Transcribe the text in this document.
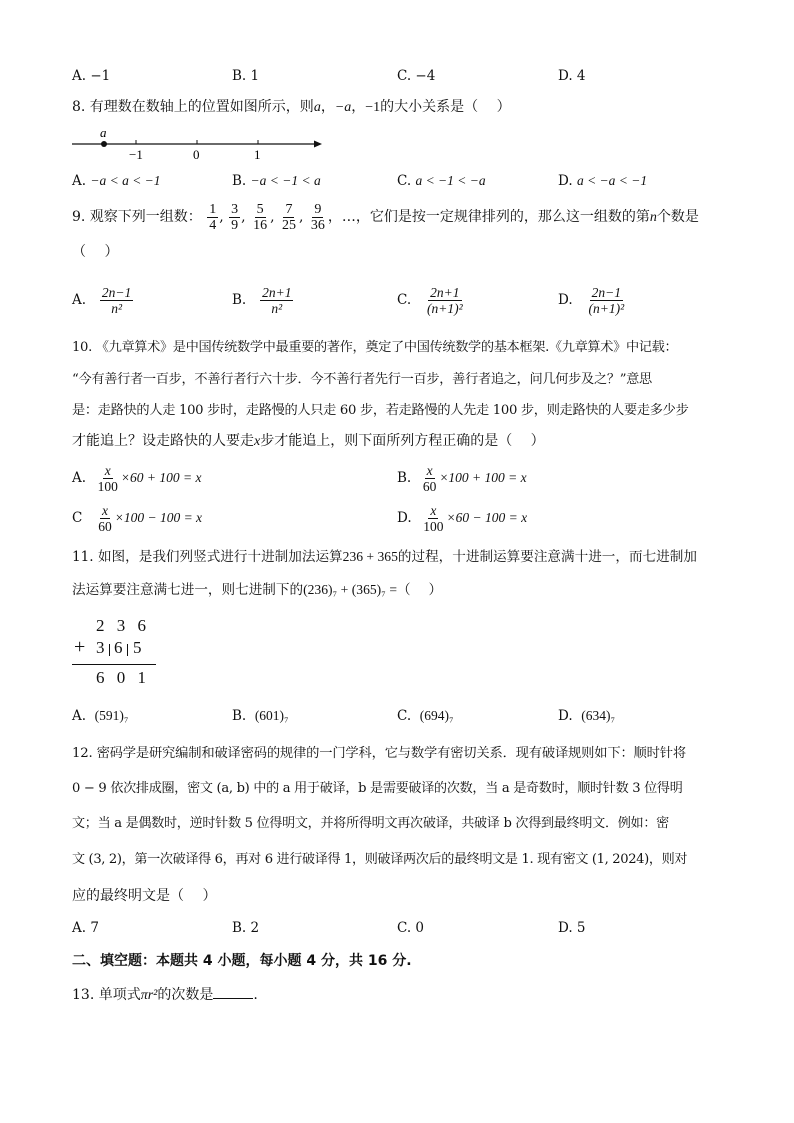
A. −1	B. 1	C. −4	D. 4
8. 有理数在数轴上的位置如图所示，则a，−a，−1的大小关系是（　 ）
a
−1	0	1
A. −a < a < −1	B. −a < −1 < a	C. a < −1 < −a	D. a < −a < −1
9. 观察下列一组数： $\frac{1}{4}$ , $\frac{3}{9}$ , $\frac{5}{16}$ , $\frac{7}{25}$ , $\frac{9}{36}$ ，…，它们是按一定规律排列的，那么这一组数的第n个数是
（　 ）
A. $\frac{2n-1}{\text{n²}}$	B. $\frac{2n+1}{\text{n²}}$	C. $\frac{2n+1}{\text{(n+1)²}}$	D. $\frac{2n-1}{\text{(n+1)²}}$
10. 《九章算术》是中国传统数学中最重要的著作，奠定了中国传统数学的基本框架.《九章算术》中记载：
“今有善行者一百步，不善行者行六十步．今不善行者先行一百步，善行者追之，问几何步及之？”意思
是：走路快的人走 100 步时，走路慢的人只走 60 步，若走路慢的人先走 100 步，则走路快的人要走多少步
才能追上？设走路快的人要走x步才能追上，则下面所列方程正确的是（　 ）
A. $\frac{x}{100} \times 60 + 100 = x$	B. $\frac{x}{60} \times 100 + 100 = x$
C $\frac{x}{60} \times 100 - 100 = x$	D. $\frac{x}{100} \times 60 - 100 = x$
11. 如图，是我们列竖式进行十进制加法运算236 + 365的过程，十进制运算要注意满十进一，而七进制加
法运算要注意满七进一，则七进制下的(236)₇ + (365)₇ =（　 ）
2 3 6
+ 3 6 5
6 0 1
A. (591)₇	B. (601)₇	C. (694)₇	D. (634)₇
12. 密码学是研究编制和破译密码的规律的一门学科，它与数学有密切关系．现有破译规则如下：顺时针将
0 − 9 依次排成圈，密文 (a, b) 中的 a 用于破译，b 是需要破译的次数，当 a 是奇数时，顺时针数 3 位得明
文；当 a 是偶数时，逆时针数 5 位得明文，并将所得明文再次破译，共破译 b 次得到最终明文．例如：密
文 (3, 2)，第一次破译得 6，再对 6 进行破译得 1，则破译两次后的最终明文是 1. 现有密文 (1, 2024)，则对
应的最终明文是（　 ）
A. 7	B. 2	C. 0	D. 5
二、填空题：本题共 4 小题，每小题 4 分，共 16 分.
13. 单项式πr²的次数是	.
